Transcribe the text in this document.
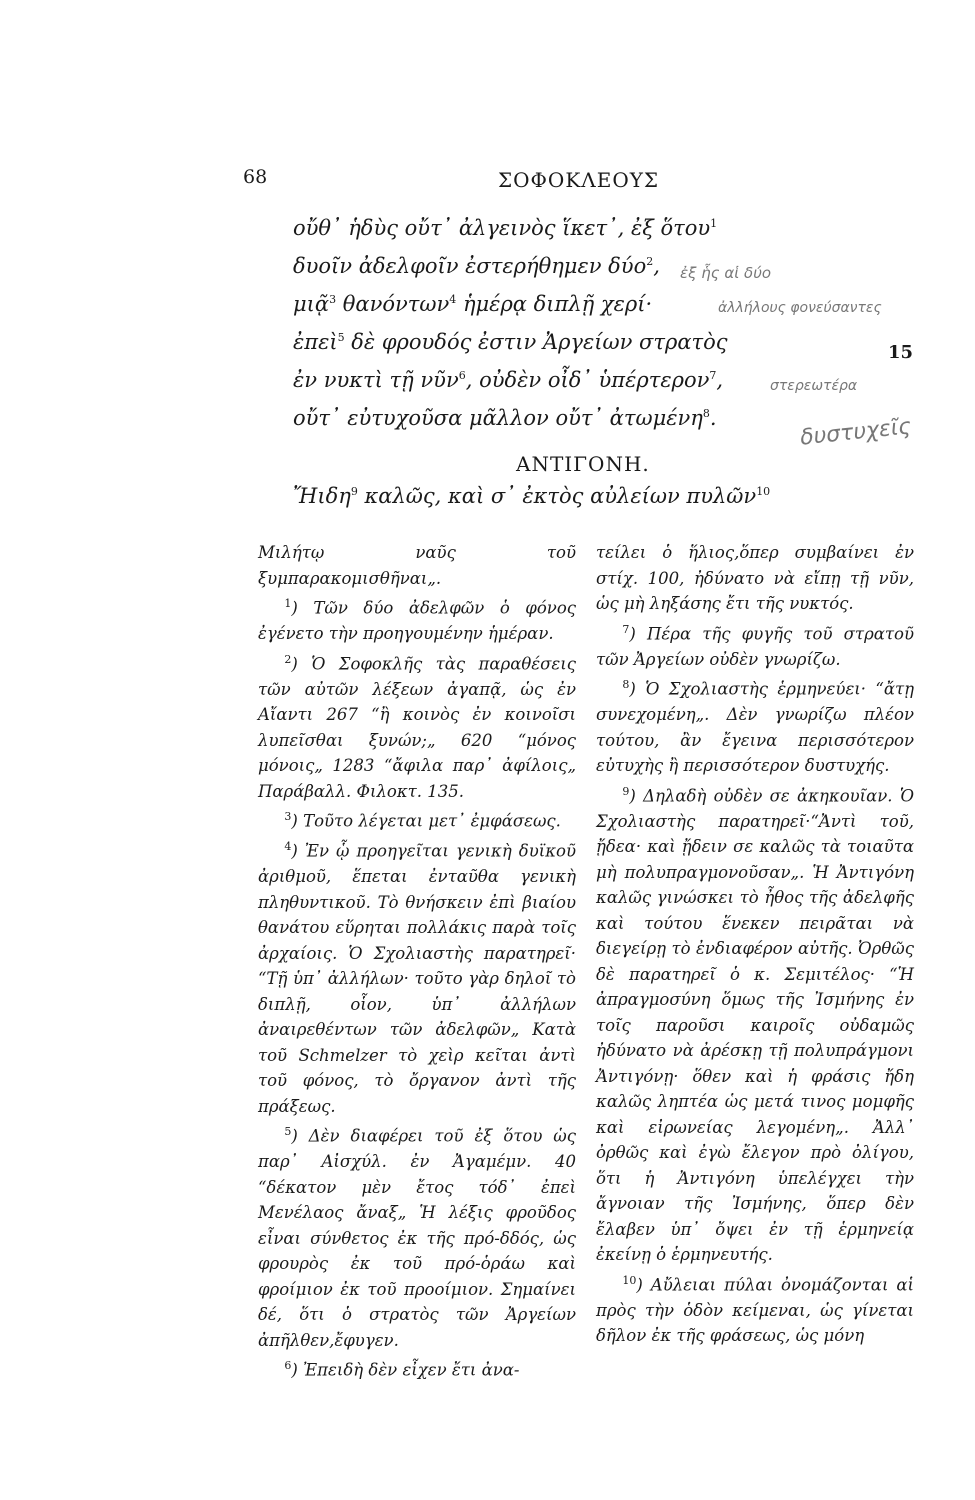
68	ΣΟΦΟΚΛΕΟΥΣ
οὔθ᾽ ἡδὺς οὔτ᾽ ἀλγεινὸς ἵκετ᾽, ἐξ ὅτου$^1$
δυοῖν ἀδελφοῖν ἐστερήθημεν δύο$^2$,
μιᾷ$^3$ θανόντων$^4$ ἡμέρᾳ διπλῇ χερί·
ἐπεὶ$^5$ δὲ φρουδός ἐστιν Ἀργείων στρατὸς
ἐν νυκτὶ τῇ νῦν$^6$, οὐδὲν οἶδ᾽ ὑπέρτερον$^7$,
οὔτ᾽ εὐτυχοῦσα μᾶλλον οὔτ᾽ ἀτωμένη$^8$.
15
ΑΝΤΙΓΟΝΗ.
Ἤιδη$^9$ καλῶς, καὶ σ᾽ ἐκτὸς αὐλείων πυλῶν$^{10}$

Μιλήτῳ ναῦς τοῦ ξυμπαρακομισθῆναι„.

$^1$) Τῶν δύο ἀδελφῶν ὁ φόνος ἐγένετο τὴν προηγουμένην ἡμέραν.

$^2$) Ὁ Σοφοκλῆς τὰς παραθέσεις τῶν αὐτῶν λέξεων ἀγαπᾷ, ὡς ἐν Αἴαντι 267 “ἢ κοινὸς ἐν κοινοῖσι λυπεῖσθαι ξυνών;„ 620 “μόνος μόνοις„ 1283 “ἄφιλα παρ᾽ ἀφίλοις„ Παράβαλλ. Φιλοκτ. 135.

$^3$) Τοῦτο λέγεται μετ᾽ ἐμφάσεως.

$^4$) Ἐν ᾧ προηγεῖται γενικὴ δυϊκοῦ ἀριθμοῦ, ἕπεται ἐνταῦθα γενικὴ πληθυντικοῦ. Τὸ θνήσκειν ἐπὶ βιαίου θανάτου εὕρηται πολλάκις παρὰ τοῖς ἀρχαίοις. Ὁ Σχολιαστὴς παρατηρεῖ· “Τῇ ὑπ᾽ ἀλλήλων· τοῦτο γὰρ δηλοῖ τὸ διπλῇ, οἷον, ὑπ᾽ ἀλλήλων ἀναιρεθέντων τῶν ἀδελφῶν„ Κατὰ τοῦ Schmelzer τὸ χεὶρ κεῖται ἀντὶ τοῦ φόνος, τὸ ὄργανον ἀντὶ τῆς πράξεως.

$^5$) Δὲν διαφέρει τοῦ ἐξ ὅτου ὡς παρ᾽ Αἰσχύλ. ἐν Ἀγαμέμν. 40 “δέκατον μὲν ἔτος τόδ᾽ ἐπεὶ Μενέλαος ἄναξ„ Ἡ λέξις φροῦδος εἶναι σύνθετος ἐκ τῆς πρό-δδός, ὡς φρουρὸς ἐκ τοῦ πρό-ὁράω καὶ φροίμιον ἐκ τοῦ προοίμιον. Σημαίνει δέ, ὅτι ὁ στρατὸς τῶν Ἀργείων ἀπῆλθεν,ἔφυγεν.

$^6$) Ἐπειδὴ δὲν εἶχεν ἔτι ἀνα-

τείλει ὁ ἥλιος,ὅπερ συμβαίνει ἐν στίχ. 100, ἠδύνατο νὰ εἴπῃ τῇ νῦν, ὡς μὴ ληξάσης ἔτι τῆς νυκτός.

$^7$) Πέρα τῆς φυγῆς τοῦ στρατοῦ τῶν Ἀργείων οὐδὲν γνωρίζω.

$^8$) Ὁ Σχολιαστὴς ἑρμηνεύει· “ἄτῃ συνεχομένη„. Δὲν γνωρίζω πλέον τούτου, ἂν ἔγεινα περισσότερον εὐτυχὴς ἢ περισσότερον δυστυχής.

$^9$) Δηλαδὴ οὐδὲν σε ἀκηκουῖαν. Ὁ Σχολιαστὴς παρατηρεῖ·“Ἀντὶ τοῦ, ᾔδεα· καὶ ᾔδειν σε καλῶς τὰ τοιαῦτα μὴ πολυπραγμονοῦσαν„. Ἡ Ἀντιγόνη καλῶς γινώσκει τὸ ἦθος τῆς ἀδελφῆς καὶ τούτου ἕνεκεν πειρᾶται νὰ διεγείρῃ τὸ ἐνδιαφέρον αὐτῆς. Ὀρθῶς δὲ παρατηρεῖ ὁ κ. Σεμιτέλος· “Ἡ ἀπραγμοσύνη ὅμως τῆς Ἰσμήνης ἐν τοῖς παροῦσι καιροῖς οὐδαμῶς ἠδύνατο νὰ ἀρέσκῃ τῇ πολυπράγμονι Ἀντιγόνῃ· ὅθεν καὶ ἡ φράσις ἤδη καλῶς ληπτέα ὡς μετά τινος μομφῆς καὶ εἰρωνείας λεγομένη„. Ἀλλ᾽ ὀρθῶς καὶ ἐγὼ ἔλεγον πρὸ ὀλίγου, ὅτι ἡ Ἀντιγόνη ὑπελέγχει τὴν ἄγνοιαν τῆς Ἰσμήνης, ὅπερ δὲν ἔλαβεν ὑπ᾽ ὄψει ἐν τῇ ἑρμηνείᾳ ἐκείνῃ ὁ ἑρμηνευτής.

$^{10}$) Αὔλειαι πύλαι ὀνομάζονται αἱ πρὸς τὴν ὁδὸν κείμεναι, ὡς γίνεται δῆλον ἐκ τῆς φράσεως, ὡς μόνη

ἐξ ἧς αἱ δύο
ἀλλήλους φονεύσαντες
στερεωτέρα
δυστυχεῖς
